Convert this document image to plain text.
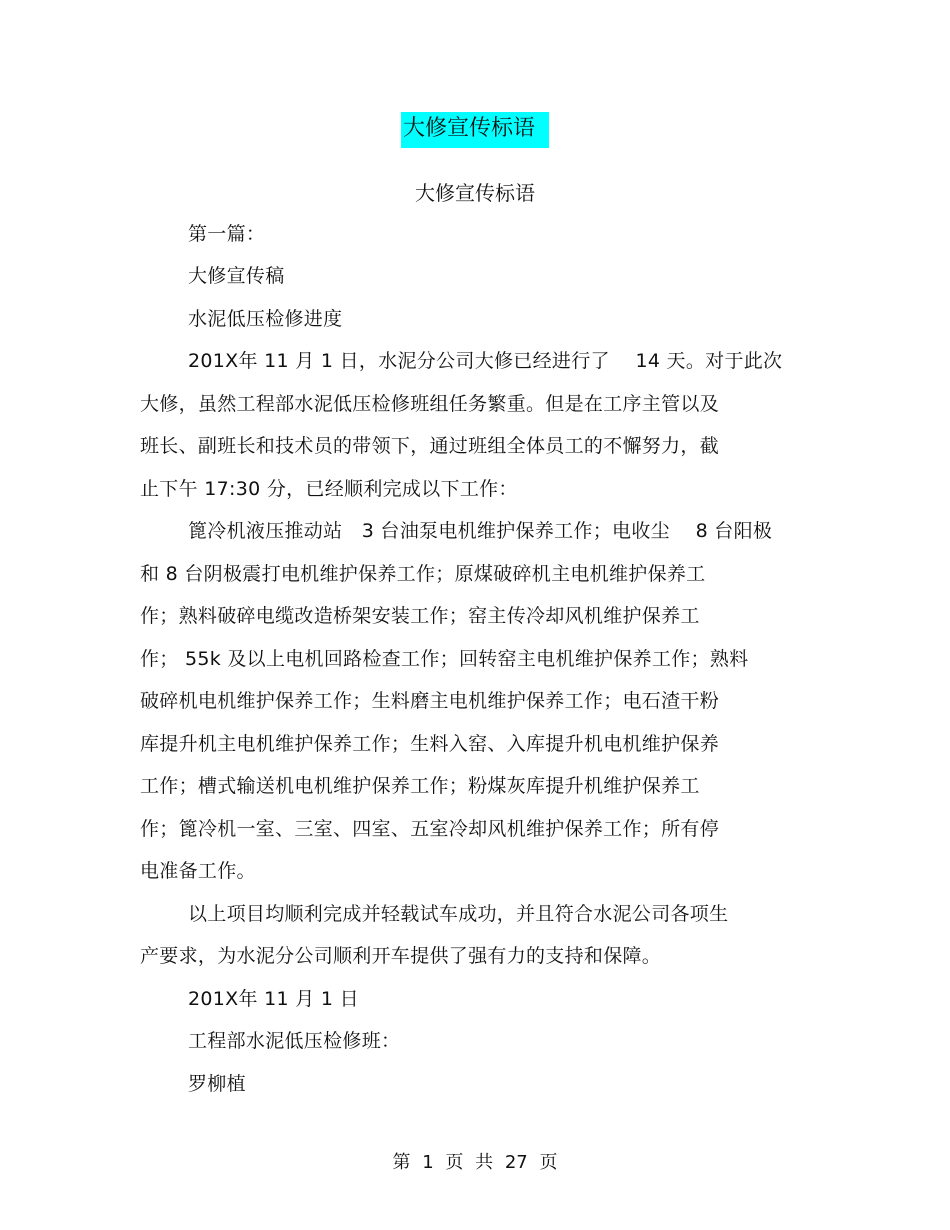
大修宣传标语
大修宣传标语
第一篇：
大修宣传稿
水泥低压检修进度
201X年 11 月 1 日，水泥分公司大修已经进行了　 14 天。对于此次
大修，虽然工程部水泥低压检修班组任务繁重。但是在工序主管以及
班长、副班长和技术员的带领下，通过班组全体员工的不懈努力，截
止下午 17:30 分，已经顺利完成以下工作：
篦冷机液压推动站　3 台油泵电机维护保养工作；电收尘　 8 台阳极
和 8 台阴极震打电机维护保养工作；原煤破碎机主电机维护保养工
作；熟料破碎电缆改造桥架安装工作；窑主传冷却风机维护保养工
作； 55k 及以上电机回路检查工作；回转窑主电机维护保养工作；熟料
破碎机电机维护保养工作；生料磨主电机维护保养工作；电石渣干粉
库提升机主电机维护保养工作；生料入窑、入库提升机电机维护保养
工作；槽式输送机电机维护保养工作；粉煤灰库提升机维护保养工
作；篦冷机一室、三室、四室、五室冷却风机维护保养工作；所有停
电准备工作。
以上项目均顺利完成并轻载试车成功，并且符合水泥公司各项生
产要求，为水泥分公司顺利开车提供了强有力的支持和保障。
201X年 11 月 1 日
工程部水泥低压检修班：
罗柳植
第 1 页 共 27 页
